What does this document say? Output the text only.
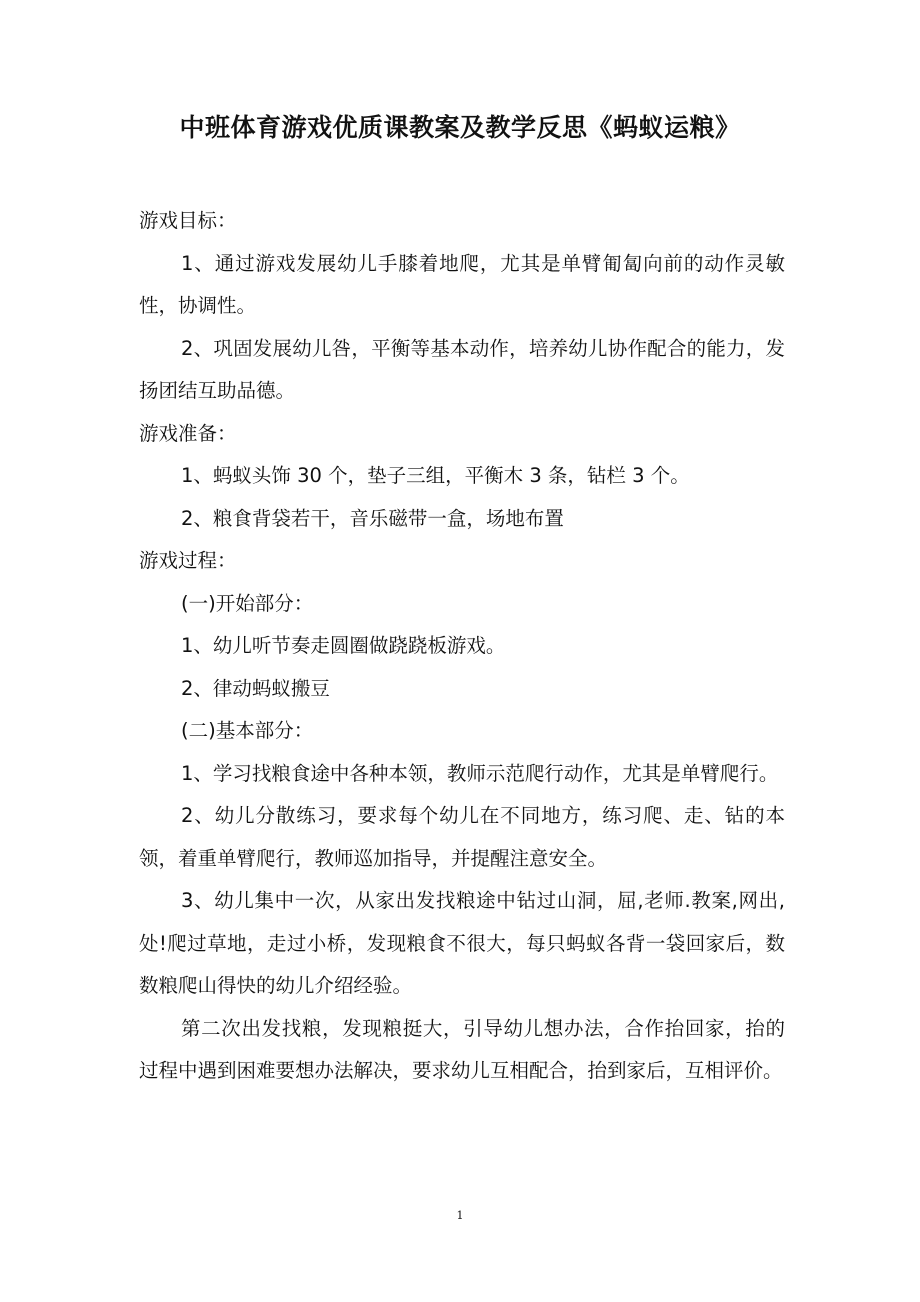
中班体育游戏优质课教案及教学反思《蚂蚁运粮》

游戏目标：

1、通过游戏发展幼儿手膝着地爬，尤其是单臂匍匐向前的动作灵敏性，协调性。

2、巩固发展幼儿咎，平衡等基本动作，培养幼儿协作配合的能力，发扬团结互助品德。

游戏准备：

1、蚂蚁头饰 30 个，垫子三组，平衡木 3 条，钻栏 3 个。

2、粮食背袋若干，音乐磁带一盒，场地布置

游戏过程：

(一)开始部分：

1、幼儿听节奏走圆圈做跷跷板游戏。

2、律动蚂蚁搬豆

(二)基本部分：

1、学习找粮食途中各种本领，教师示范爬行动作，尤其是单臂爬行。

2、幼儿分散练习，要求每个幼儿在不同地方，练习爬、走、钻的本领，着重单臂爬行，教师巡加指导，并提醒注意安全。

3、幼儿集中一次，从家出发找粮途中钻过山洞，屈,老师.教案,网出,处!爬过草地，走过小桥，发现粮食不很大，每只蚂蚁各背一袋回家后，数数粮爬山得快的幼儿介绍经验。

第二次出发找粮，发现粮挺大，引导幼儿想办法，合作抬回家，抬的过程中遇到困难要想办法解决，要求幼儿互相配合，抬到家后，互相评价。

1
